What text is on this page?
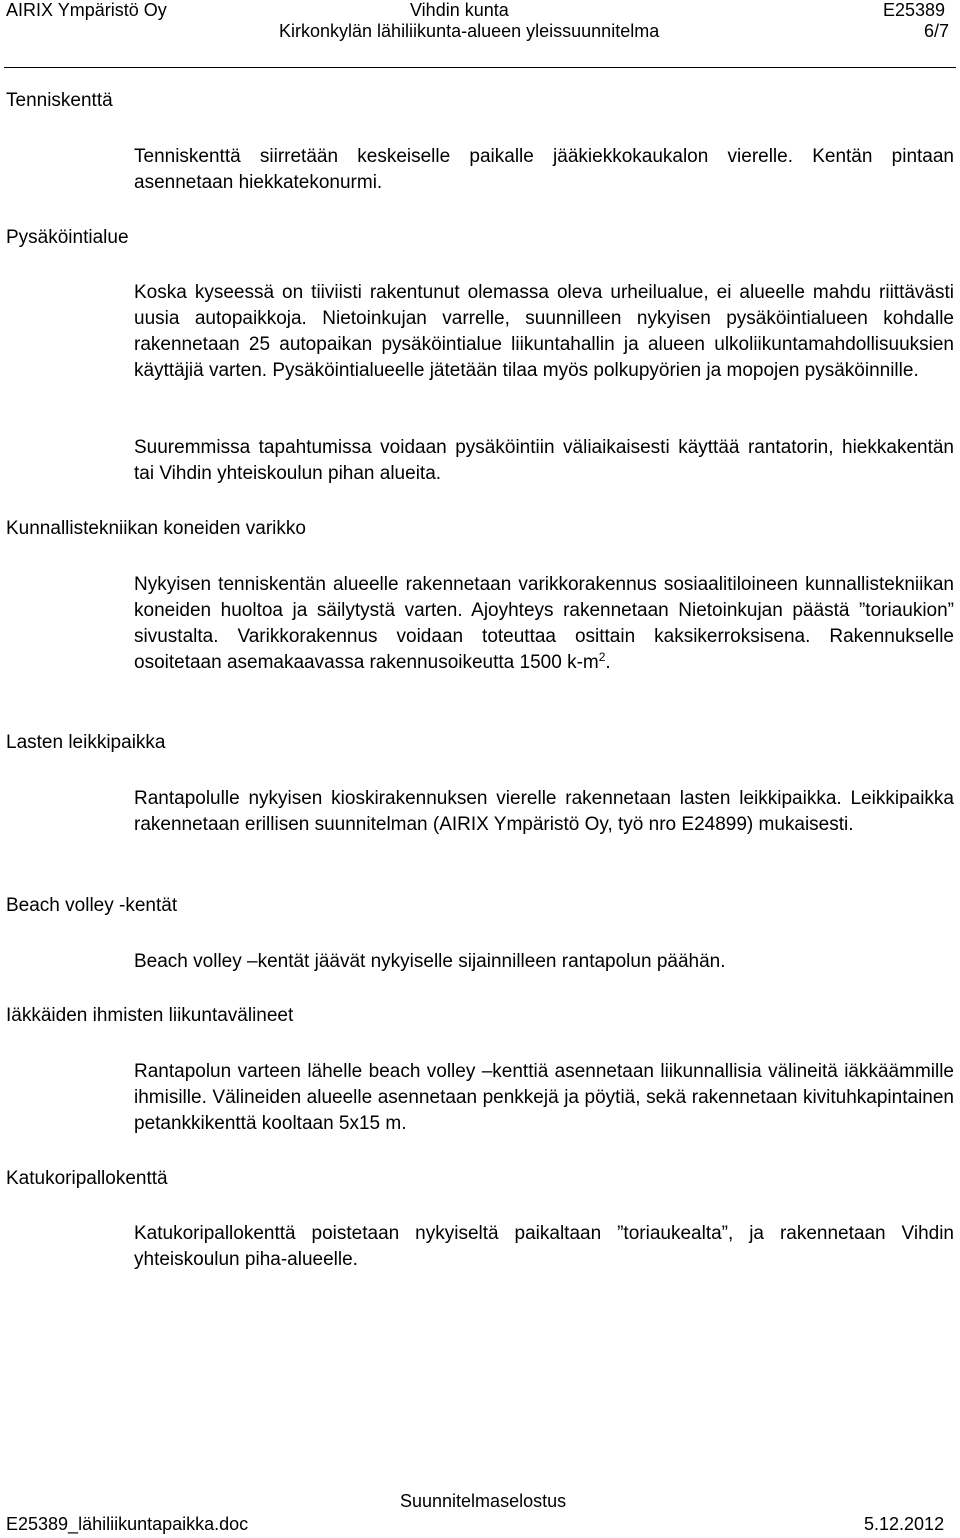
AIRIX Ympäristö Oy	Vihdin kunta	E25389
Kirkonkylän lähiliikunta-alueen yleissuunnitelma	6/7
Tenniskenttä

Tenniskenttä siirretään keskeiselle paikalle jääkiekkokaukalon vierelle. Kentän pintaan asennetaan hiekkatekonurmi.

Pysäköintialue

Koska kyseessä on tiiviisti rakentunut olemassa oleva urheilualue, ei alueelle mahdu riittävästi uusia autopaikkoja. Nietoinkujan varrelle, suunnilleen nykyisen pysäköintialueen kohdalle rakennetaan 25 autopaikan pysäköintialue liikuntahallin ja alueen ulkoliikuntamahdollisuuksien käyttäjiä varten. Pysäköintialueelle jätetään tilaa myös polkupyörien ja mopojen pysäköinnille.

Suuremmissa tapahtumissa voidaan pysäköintiin väliaikaisesti käyttää rantatorin, hiekkakentän tai Vihdin yhteiskoulun pihan alueita.

Kunnallistekniikan koneiden varikko

Nykyisen tenniskentän alueelle rakennetaan varikkorakennus sosiaalitiloineen kunnallistekniikan koneiden huoltoa ja säilytystä varten. Ajoyhteys rakennetaan Nietoinkujan päästä ”toriaukion” sivustalta. Varikkorakennus voidaan toteuttaa osittain kaksikerroksisena. Rakennukselle osoitetaan asemakaavassa rakennusoikeutta 1500 $k-m^2$.

Lasten leikkipaikka

Rantapolulle nykyisen kioskirakennuksen vierelle rakennetaan lasten leikkipaikka. Leikkipaikka rakennetaan erillisen suunnitelman (AIRIX Ympäristö Oy, työ nro E24899) mukaisesti.

Beach volley -kentät

Beach volley –kentät jäävät nykyiselle sijainnilleen rantapolun päähän.

Iäkkäiden ihmisten liikuntavälineet

Rantapolun varteen lähelle beach volley –kenttiä asennetaan liikunnallisia välineitä iäkkäämmille ihmisille. Välineiden alueelle asennetaan penkkejä ja pöytiä, sekä rakennetaan kivituhkapintainen petankkikenttä kooltaan 5x15 m.

Katukoripallokenttä

Katukoripallokenttä poistetaan nykyiseltä paikaltaan ”toriaukealta”, ja rakennetaan Vihdin yhteiskoulun piha-alueelle.

Suunnitelmaselostus
E25389_lähiliikuntapaikka.doc	5.12.2012
